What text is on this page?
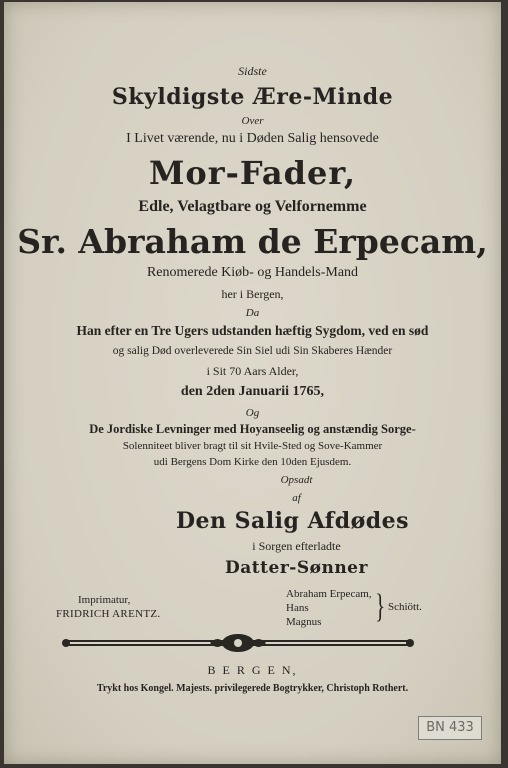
Sidste
Skyldigste Ære-Minde
Over
I Livet værende, nu i Døden Salig hensovede
Mor-Fader,
Edle, Velagtbare og Velfornemme
Sr. Abraham de Erpecam,
Renomerede Kiøb- og Handels-Mand
her i Bergen,
Da
Han efter en Tre Ugers udstanden hæftig Sygdom, ved en sød
og salig Død overleverede Sin Siel udi Sin Skaberes Hænder
i Sit 70 Aars Alder,
den 2den Januarii 1765,
Og
De Jordiske Levninger med Hoyanseelig og anstændig Sorge-
Solenniteet bliver bragt til sit Hvile-Sted og Sove-Kammer
udi Bergens Dom Kirke den 10den Ejusdem.
Opsadt
af
Den Salig Afdødes
i Sorgen efterladte
Datter-Sønner
Imprimatur,
FRIDRICH ARENTZ.
Abraham Erpecam,
Hans
Magnus	} Schiött.
B E R G E N,
Trykt hos Kongel. Majests. privilegerede Bogtrykker, Christoph Rothert.
BN 433
